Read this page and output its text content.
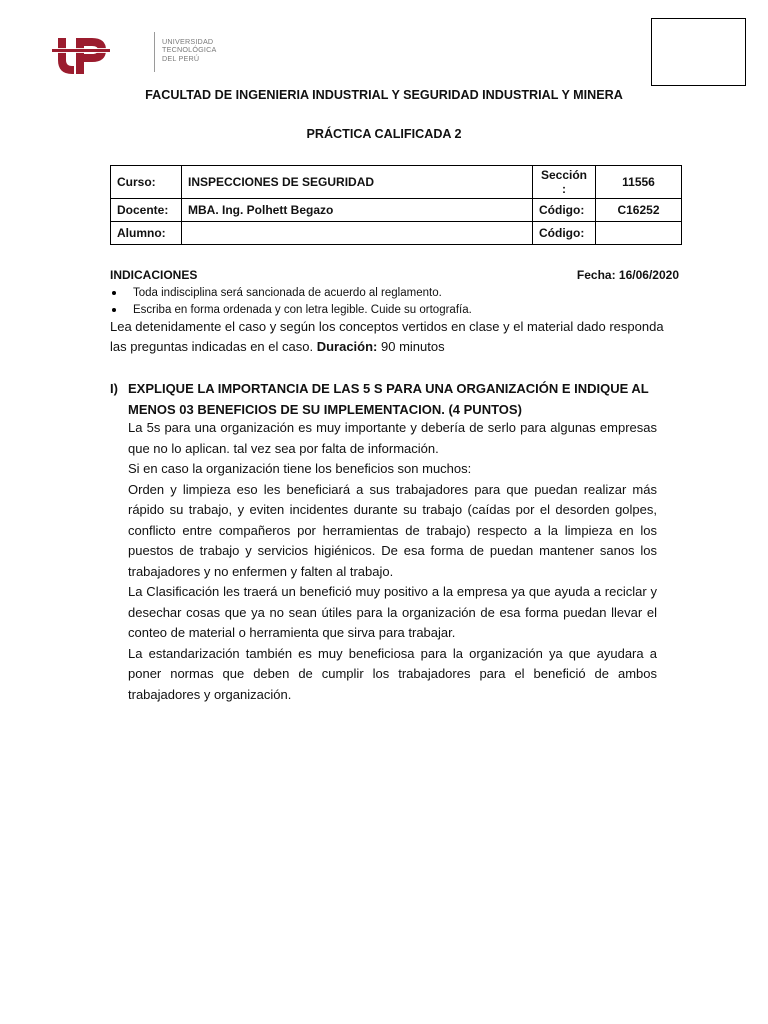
UNIVERSIDAD
TECNOLÓGICA
DEL PERÚ
FACULTAD DE INGENIERIA INDUSTRIAL Y SEGURIDAD INDUSTRIAL Y MINERA
PRÁCTICA CALIFICADA 2
Curso:	INSPECCIONES DE SEGURIDAD	Sección :	11556
Docente:	MBA. Ing. Polhett Begazo	Código:	C16252
Alumno:		Código:	
INDICACIONES	Fecha: 16/06/2020
Toda indisciplina será sancionada de acuerdo al reglamento.
Escriba en forma ordenada y con letra legible. Cuide su ortografía.
Lea detenidamente el caso y según los conceptos vertidos en clase y el material dado responda las preguntas indicadas en el caso. Duración: 90 minutos
I) EXPLIQUE LA IMPORTANCIA DE LAS 5 S PARA UNA ORGANIZACIÓN E INDIQUE AL MENOS 03 BENEFICIOS DE SU IMPLEMENTACION. (4 PUNTOS)

La 5s para una organización es muy importante y debería de serlo para algunas empresas que no lo aplican. tal vez sea por falta de información.

Si en caso la organización tiene los beneficios son muchos:

Orden y limpieza eso les beneficiará a sus trabajadores para que puedan realizar más rápido su trabajo, y eviten incidentes durante su trabajo (caídas por el desorden golpes, conflicto entre compañeros por herramientas de trabajo) respecto a la limpieza en los puestos de trabajo y servicios higiénicos. De esa forma de puedan mantener sanos los trabajadores y no enfermen y falten al trabajo.

La Clasificación les traerá un benefició muy positivo a la empresa ya que ayuda a reciclar y desechar cosas que ya no sean útiles para la organización de esa forma puedan llevar el conteo de material o herramienta que sirva para trabajar.

La estandarización también es muy beneficiosa para la organización ya que ayudara a poner normas que deben de cumplir los trabajadores para el benefició de ambos trabajadores y organización.
